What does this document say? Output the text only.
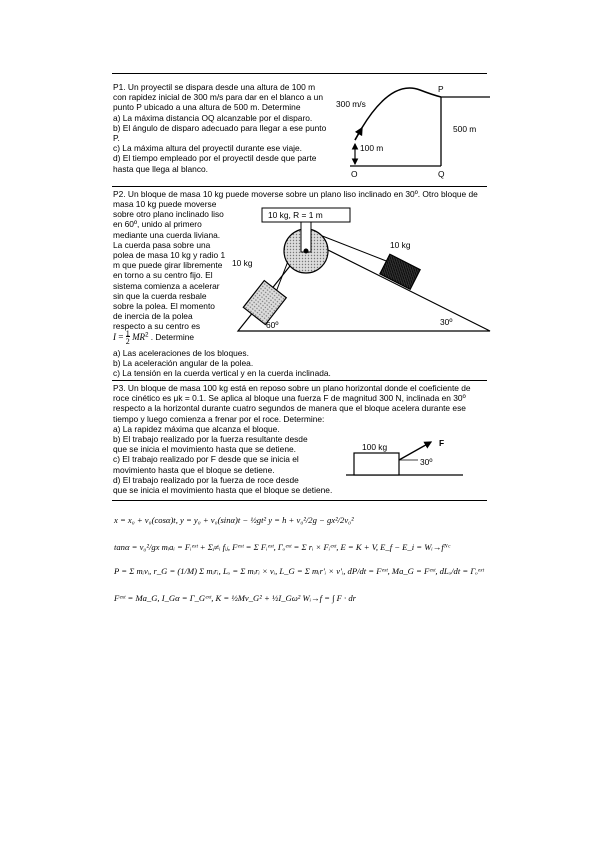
P1. Un proyectil se dispara desde una altura de 100 m

con rapidez inicial de 300 m/s para dar en el blanco a un

punto P ubicado a una altura de 500 m. Determine

a) La máxima distancia OQ alcanzable por el disparo.

b) El ángulo de disparo adecuado para llegar a ese punto

P.

c) La máxima altura del proyectil durante ese viaje.

d) El tiempo empleado por el proyectil desde que parte

hasta que llega al blanco.

300 m/s
P
500 m
100 m
O	Q

P2. Un bloque de masa 10 kg puede moverse sobre un plano liso inclinado en 30º. Otro bloque de

masa 10 kg puede moverse

sobre otro plano inclinado liso

en 60º, unido al primero

mediante una cuerda liviana.

La cuerda pasa sobre una

polea de masa 10 kg y radio 1

m que puede girar libremente

en torno a su centro fijo. El

sistema comienza a acelerar

sin que la cuerda resbale

sobre la polea. El momento

de inercia de la polea

respecto a su centro es

I = 1
2 $MR^2$ . Determine

a) Las aceleraciones de los bloques.

b) La aceleración angular de la polea.

c) La tensión en la cuerda vertical y en la cuerda inclinada.

10 kg, R = 1 m
10 kg
10 kg
60º	30º

P3. Un bloque de masa 100 kg está en reposo sobre un plano horizontal donde el coeficiente de

roce cinético es μk = 0.1. Se aplica al bloque una fuerza F de magnitud 300 N, inclinada en 30º

respecto a la horizontal durante cuatro segundos de manera que el bloque acelera durante ese

tiempo y luego comienza a frenar por el roce. Determine:

a) La rapidez máxima que alcanza el bloque.

b) El trabajo realizado por la fuerza resultante desde

que se inicia el movimiento hasta que se detiene.

c) El trabajo realizado por F desde que se inicia el

movimiento hasta que el bloque se detiene.

d) El trabajo realizado por la fuerza de roce desde

que se inicia el movimiento hasta que el bloque se detiene.

100 kg	F
30º
x = x₀ + v₀(cosα)t, y = y₀ + v₀(sinα)t − ½gt² y = h + v₀²/2g − gx²/2v₀²
tanα = v₀²/gx mᵢaᵢ = Fᵢᵉˣᵗ + Σⱼ≠ᵢ fᵢⱼ, Fᵉˣᵗ = Σ Fᵢᵉˣᵗ, Γₒᵉˣᵗ = Σ rᵢ × Fᵢᵉˣᵗ, E = K + V, E_f − E_i = Wᵢ→fᴺᶜ
P = Σ mᵢvᵢ, r_G = (1/M) Σ mᵢrᵢ, Lₒ = Σ mᵢrᵢ × vᵢ, L_G = Σ mᵢr'ᵢ × v'ᵢ, dP/dt = Fᵉˣᵗ, Ma_G = Fᵉˣᵗ, dLₒ/dt = Γₒᵉˣᵗ
Fᵉˣᵗ = Ma_G, I_Gα = Γ_Gᵉˣᵗ, K = ½Mv_G² + ½I_Gω² Wᵢ→f = ∫ F · dr
